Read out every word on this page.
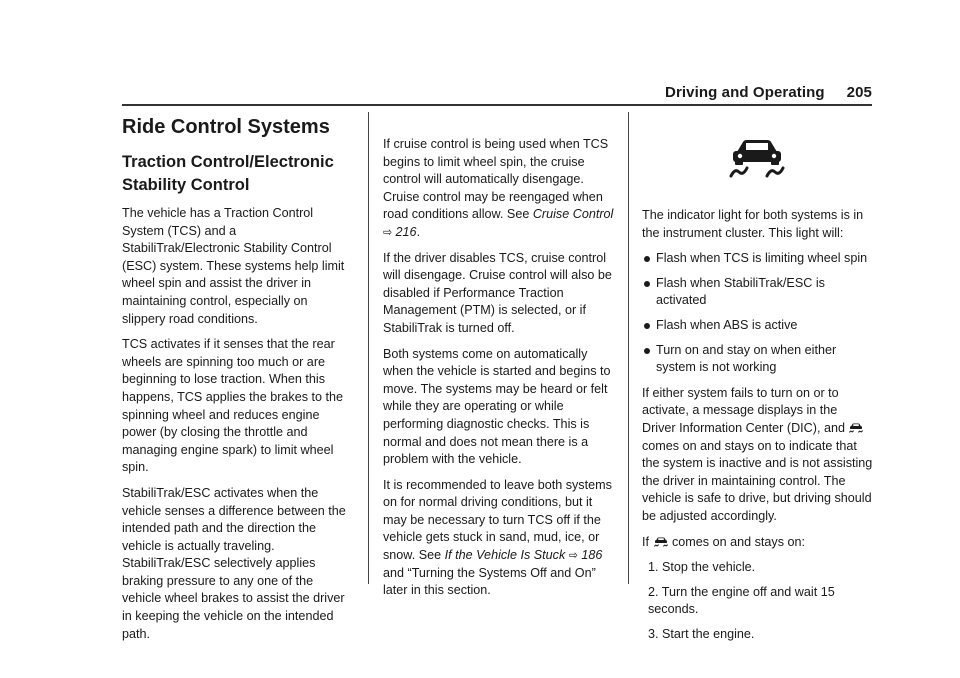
Driving and Operating 205
Ride Control Systems
Traction Control/Electronic Stability Control

The vehicle has a Traction Control System (TCS) and a StabiliTrak/Electronic Stability Control (ESC) system. These systems help limit wheel spin and assist the driver in maintaining control, especially on slippery road conditions.

TCS activates if it senses that the rear wheels are spinning too much or are beginning to lose traction. When this happens, TCS applies the brakes to the spinning wheel and reduces engine power (by closing the throttle and managing engine spark) to limit wheel spin.

StabiliTrak/ESC activates when the vehicle senses a difference between the intended path and the direction the vehicle is actually traveling. StabiliTrak/ESC selectively applies braking pressure to any one of the vehicle wheel brakes to assist the driver in keeping the vehicle on the intended path.

If cruise control is being used when TCS begins to limit wheel spin, the cruise control will automatically disengage. Cruise control may be reengaged when road conditions allow. See Cruise Control ⇨ 216.

If the driver disables TCS, cruise control will disengage. Cruise control will also be disabled if Performance Traction Management (PTM) is selected, or if StabiliTrak is turned off.

Both systems come on automatically when the vehicle is started and begins to move. The systems may be heard or felt while they are operating or while performing diagnostic checks. This is normal and does not mean there is a problem with the vehicle.

It is recommended to leave both systems on for normal driving conditions, but it may be necessary to turn TCS off if the vehicle gets stuck in sand, mud, ice, or snow. See If the Vehicle Is Stuck ⇨ 186 and “Turning the Systems Off and On” later in this section.

The indicator light for both systems is in the instrument cluster. This light will:

Flash when TCS is limiting wheel spin
Flash when StabiliTrak/ESC is activated
Flash when ABS is active
Turn on and stay on when either system is not working

If either system fails to turn on or to activate, a message displays in the Driver Information Center (DIC), and  comes on and stays on to indicate that the system is inactive and is not assisting the driver in maintaining control. The vehicle is safe to drive, but driving should be adjusted accordingly.

If  comes on and stays on:

1. Stop the vehicle.
2. Turn the engine off and wait 15 seconds.
3. Start the engine.
